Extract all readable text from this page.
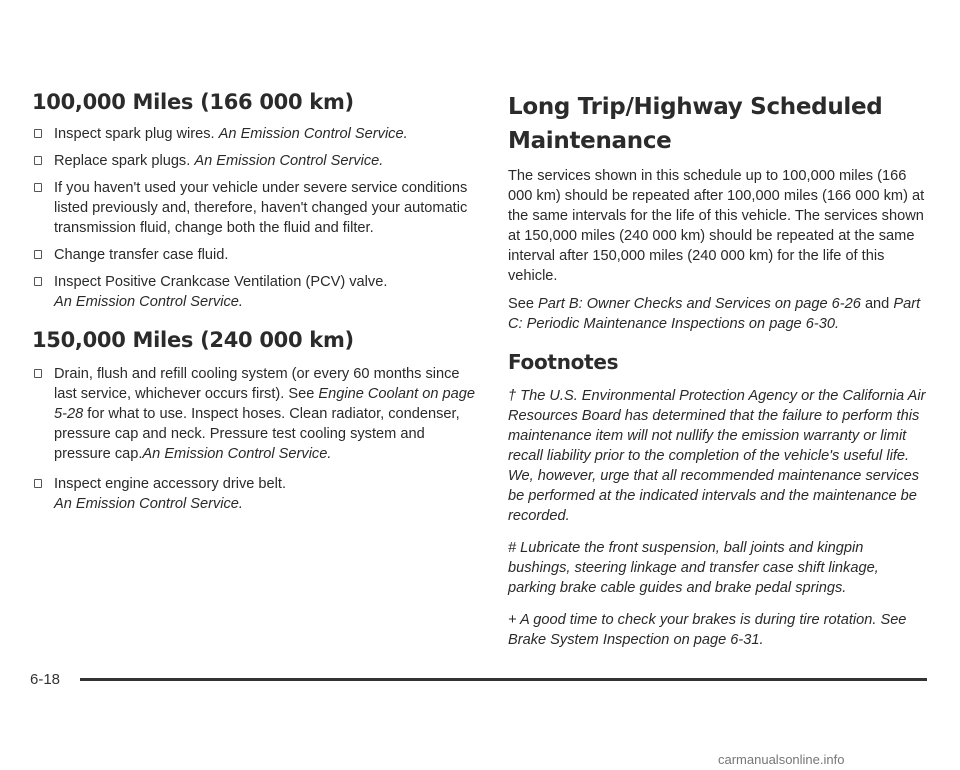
100,000 Miles (166 000 km)
Inspect spark plug wires. An Emission Control Service.
Replace spark plugs. An Emission Control Service.
If you haven't used your vehicle under severe service conditions listed previously and, therefore, haven't changed your automatic transmission fluid, change both the fluid and filter.
Change transfer case fluid.
Inspect Positive Crankcase Ventilation (PCV) valve.
An Emission Control Service.
150,000 Miles (240 000 km)
Drain, flush and refill cooling system (or every 60 months since last service, whichever occurs first). See Engine Coolant on page 5-28 for what to use. Inspect hoses. Clean radiator, condenser, pressure cap and neck. Pressure test cooling system and pressure cap.An Emission Control Service.
Inspect engine accessory drive belt.
An Emission Control Service.
Long Trip/Highway Scheduled Maintenance

The services shown in this schedule up to 100,000 miles (166 000 km) should be repeated after 100,000 miles (166 000 km) at the same intervals for the life of this vehicle. The services shown at 150,000 miles (240 000 km) should be repeated at the same interval after 150,000 miles (240 000 km) for the life of this vehicle.

See Part B: Owner Checks and Services on page 6-26 and Part C: Periodic Maintenance Inspections on page 6-30.

Footnotes

† The U.S. Environmental Protection Agency or the California Air Resources Board has determined that the failure to perform this maintenance item will not nullify the emission warranty or limit recall liability prior to the completion of the vehicle's useful life. We, however, urge that all recommended maintenance services be performed at the indicated intervals and the maintenance be recorded.

# Lubricate the front suspension, ball joints and kingpin bushings, steering linkage and transfer case shift linkage, parking brake cable guides and brake pedal springs.

+ A good time to check your brakes is during tire rotation. See Brake System Inspection on page 6-31.

6-18
carmanualsonline.info
